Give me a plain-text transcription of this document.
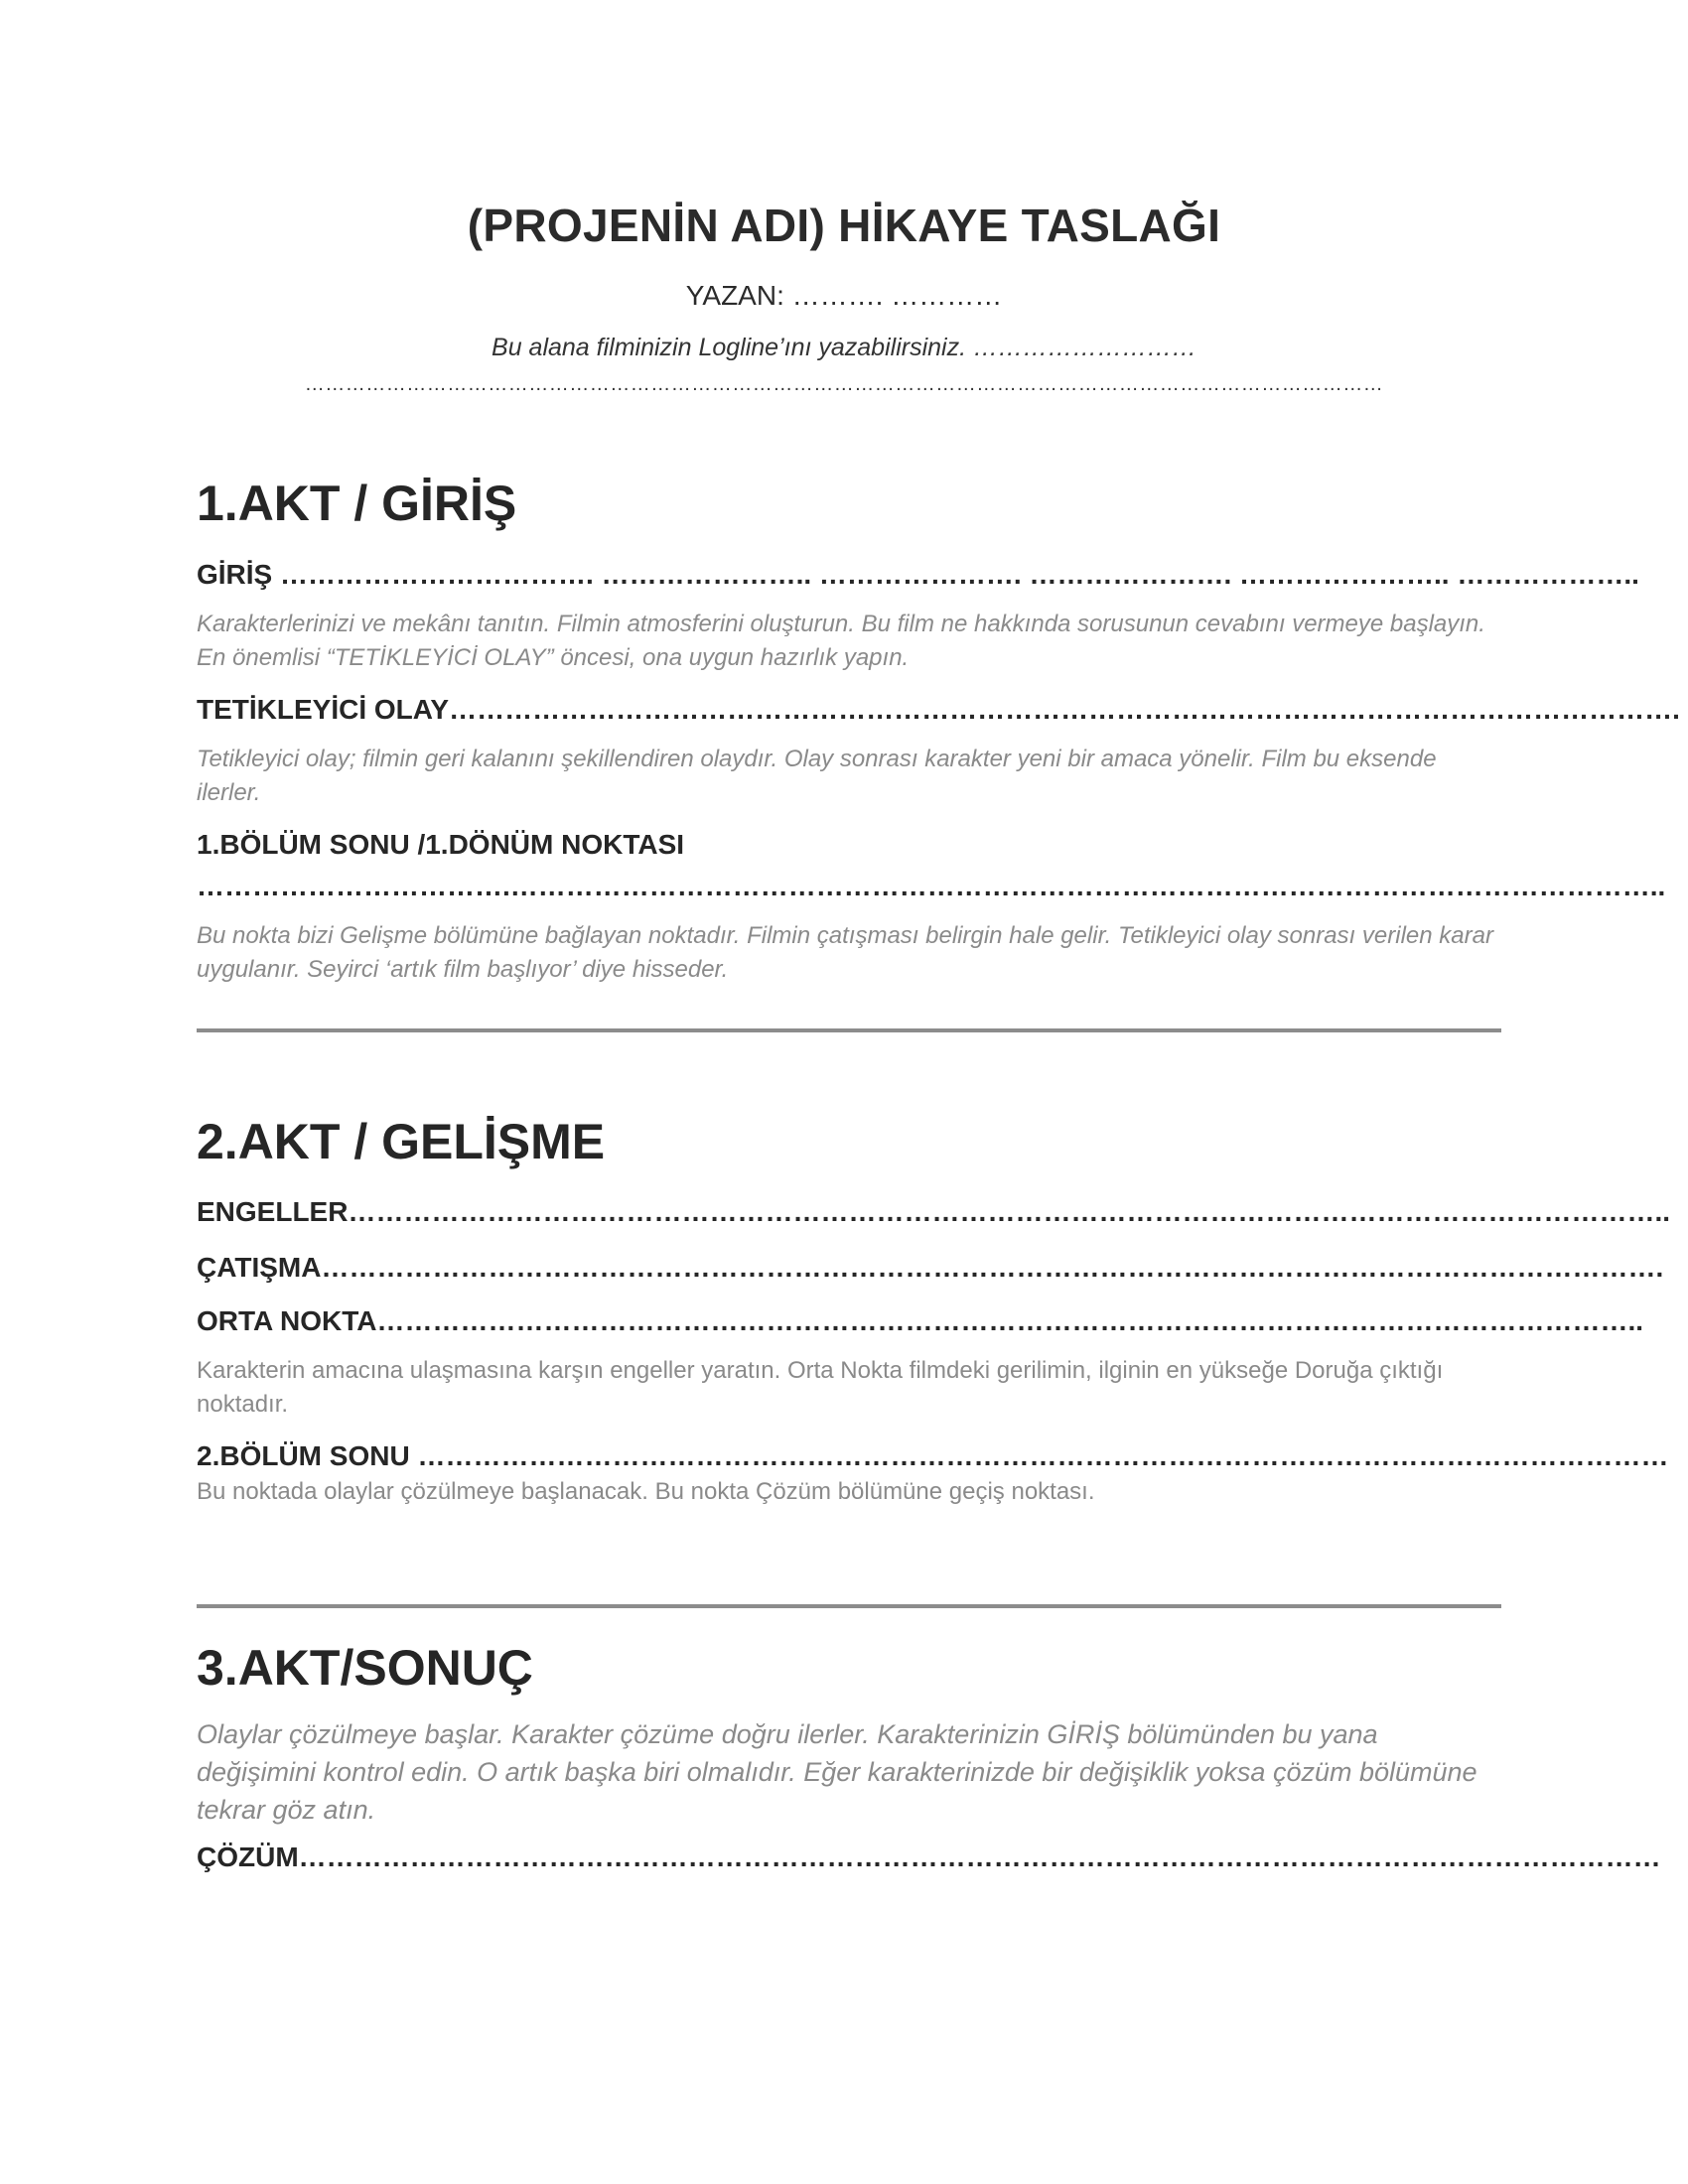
(PROJENİN ADI) HİKAYE TASLAĞI
YAZAN: ………. …………
Bu alana filminizin Logline’ını yazabilirsiniz. ………………………
……………………………………………………………………………………………………………………………………………
1.AKT / GİRİŞ
GİRİŞ ……………………………. ………………….. …………………. …………………. ………………….. ………………..
Karakterlerinizi ve mekânı tanıtın. Filmin atmosferini oluşturun. Bu film ne hakkında sorusunun cevabını vermeye başlayın. En önemlisi “TETİKLEYİCİ OLAY” öncesi, ona uygun hazırlık yapın.
TETİKLEYİCİ OLAY…………………………………………………………………………………………………………………….
Tetikleyici olay; filmin geri kalanını şekillendiren olaydır. Olay sonrası karakter yeni bir amaca yönelir. Film bu eksende ilerler.
1.BÖLÜM SONU /1.DÖNÜM NOKTASI
…………………………….……………………………………………………………………………………………………………..
Bu nokta bizi Gelişme bölümüne bağlayan noktadır. Filmin çatışması belirgin hale gelir. Tetikleyici olay sonrası verilen karar uygulanır. Seyirci ‘artık film başlıyor’ diye hisseder.
2.AKT / GELİŞME
ENGELLER……………………………………………………………………………………………………………………………..
ÇATIŞMA……………………………………………………………………………………………………………………………….
ORTA NOKTA………………………………………………………………………………………………………………………..
Karakterin amacına ulaşmasına karşın engeller yaratın. Orta Nokta filmdeki gerilimin, ilginin en yükseğe Doruğa çıktığı noktadır.
2.BÖLÜM SONU ………………………………………………………………………………………………………………………
Bu noktada olaylar çözülmeye başlanacak. Bu nokta Çözüm bölümüne geçiş noktası.
3.AKT/SONUÇ
Olaylar çözülmeye başlar. Karakter çözüme doğru ilerler. Karakterinizin GİRİŞ bölümünden bu yana değişimini kontrol edin. O artık başka biri olmalıdır. Eğer karakterinizde bir değişiklik yoksa çözüm bölümüne tekrar göz atın.
ÇÖZÜM…………………………………………………………………………………………………………………………………
